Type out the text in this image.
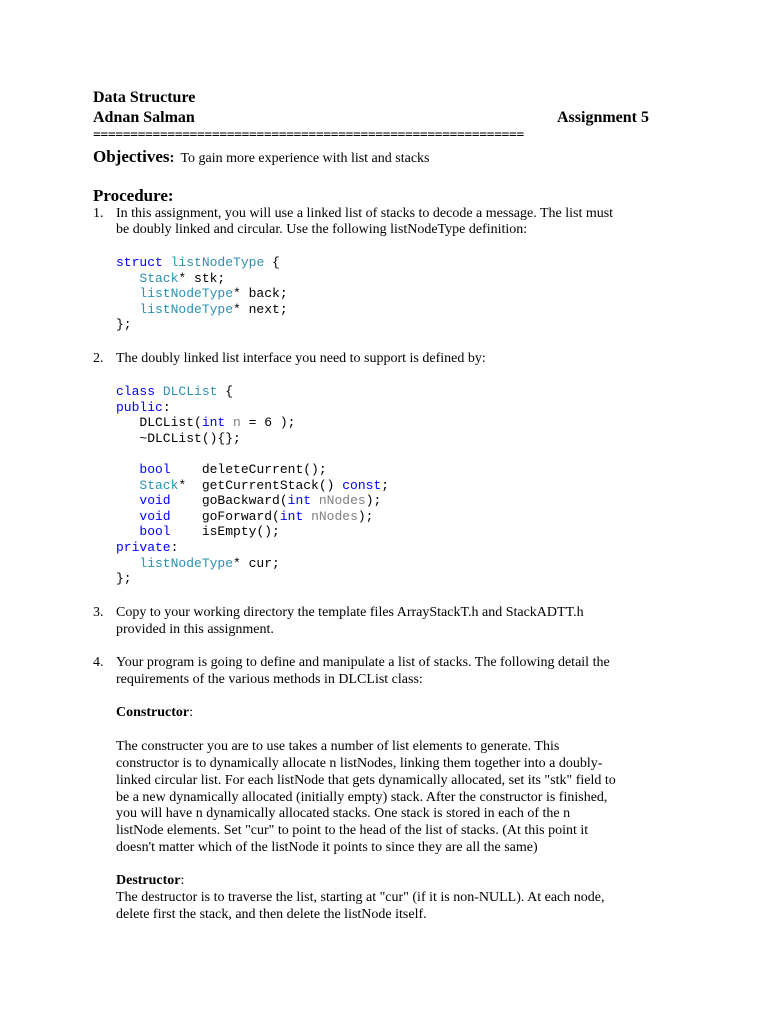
Data Structure
Adnan Salman	Assignment 5
==========================================================
Objectives: To gain more experience with list and stacks
Procedure:
1. In this assignment, you will use a linked list of stacks to decode a message. The list must
be doubly linked and circular. Use the following listNodeType definition:
struct listNodeType {
Stack* stk;
listNodeType* back;
listNodeType* next;
};
2. The doubly linked list interface you need to support is defined by:
class DLCList {
public:
DLCList(int n = 6 );
~DLCList(){};

bool    deleteCurrent();
Stack*  getCurrentStack() const;
void    goBackward(int nNodes);
void    goForward(int nNodes);
bool    isEmpty();
private:
listNodeType* cur;
};
3. Copy to your working directory the template files ArrayStackT.h and StackADTT.h
provided in this assignment.
4. Your program is going to define and manipulate a list of stacks. The following detail the
requirements of the various methods in DLCList class:
Constructor:
The constructer you are to use takes a number of list elements to generate. This
constructor is to dynamically allocate n listNodes, linking them together into a doubly-
linked circular list. For each listNode that gets dynamically allocated, set its "stk" field to
be a new dynamically allocated (initially empty) stack. After the constructor is finished,
you will have n dynamically allocated stacks. One stack is stored in each of the n
listNode elements. Set "cur" to point to the head of the list of stacks. (At this point it
doesn't matter which of the listNode it points to since they are all the same)
Destructor:
The destructor is to traverse the list, starting at "cur" (if it is non-NULL). At each node,
delete first the stack, and then delete the listNode itself.
